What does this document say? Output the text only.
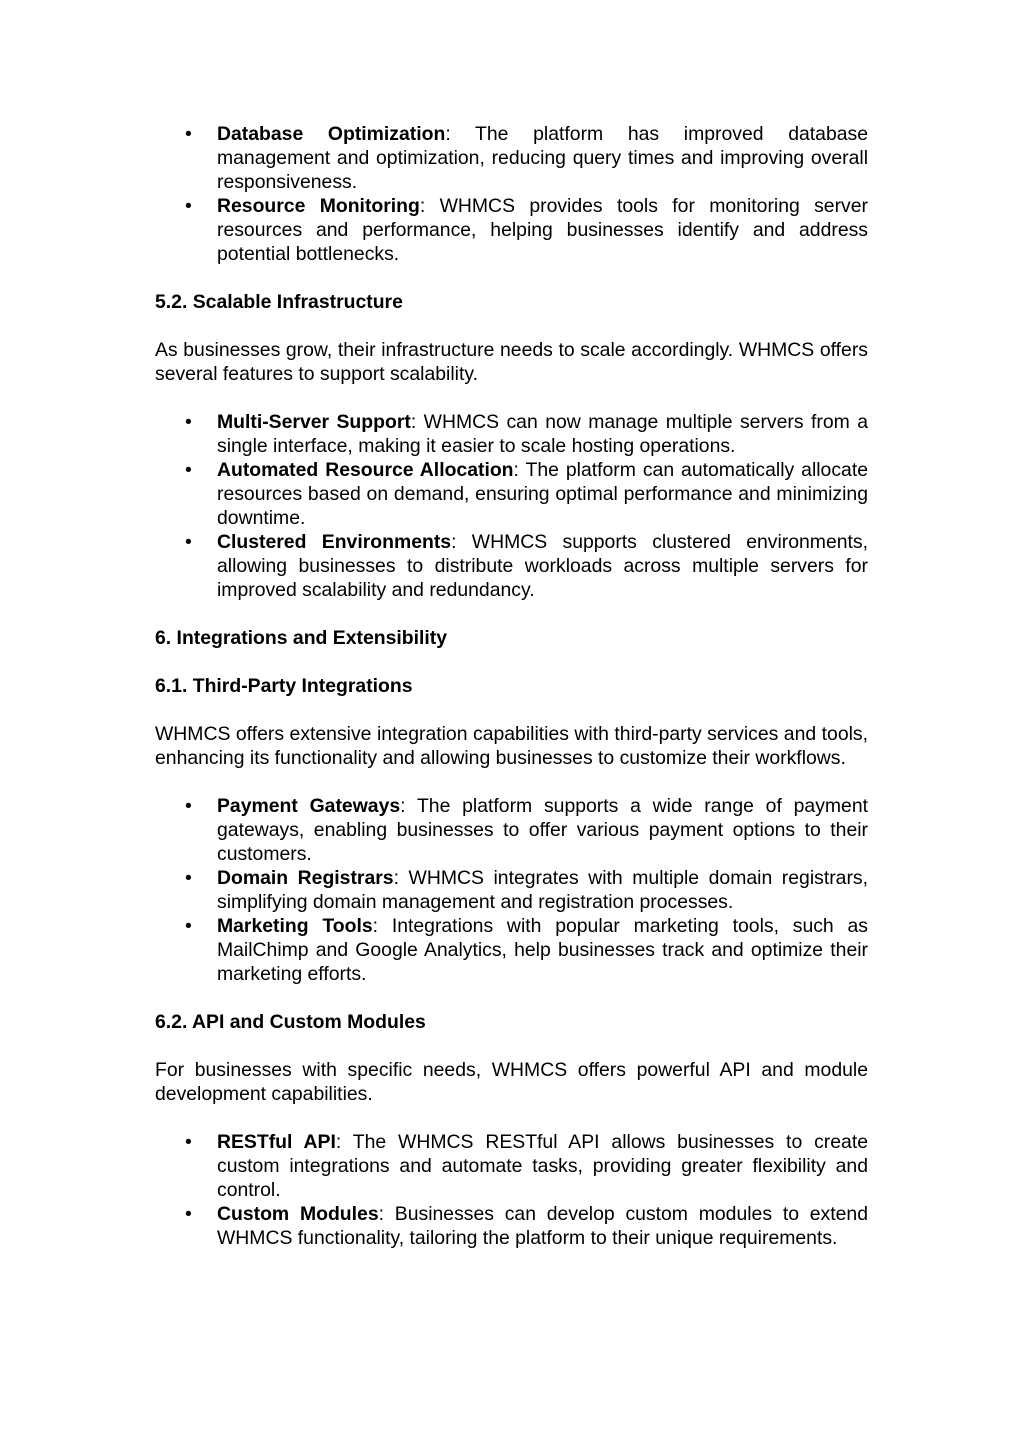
• Database Optimization: The platform has improved database management and optimization, reducing query times and improving overall responsiveness.
• Resource Monitoring: WHMCS provides tools for monitoring server resources and performance, helping businesses identify and address potential bottlenecks.

5.2. Scalable Infrastructure

As businesses grow, their infrastructure needs to scale accordingly. WHMCS offers several features to support scalability.

• Multi-Server Support: WHMCS can now manage multiple servers from a single interface, making it easier to scale hosting operations.
• Automated Resource Allocation: The platform can automatically allocate resources based on demand, ensuring optimal performance and minimizing downtime.
• Clustered Environments: WHMCS supports clustered environments, allowing businesses to distribute workloads across multiple servers for improved scalability and redundancy.

6. Integrations and Extensibility

6.1. Third-Party Integrations

WHMCS offers extensive integration capabilities with third-party services and tools, enhancing its functionality and allowing businesses to customize their workflows.

• Payment Gateways: The platform supports a wide range of payment gateways, enabling businesses to offer various payment options to their customers.
• Domain Registrars: WHMCS integrates with multiple domain registrars, simplifying domain management and registration processes.
• Marketing Tools: Integrations with popular marketing tools, such as MailChimp and Google Analytics, help businesses track and optimize their marketing efforts.

6.2. API and Custom Modules

For businesses with specific needs, WHMCS offers powerful API and module development capabilities.

• RESTful API: The WHMCS RESTful API allows businesses to create custom integrations and automate tasks, providing greater flexibility and control.
• Custom Modules: Businesses can develop custom modules to extend WHMCS functionality, tailoring the platform to their unique requirements.
